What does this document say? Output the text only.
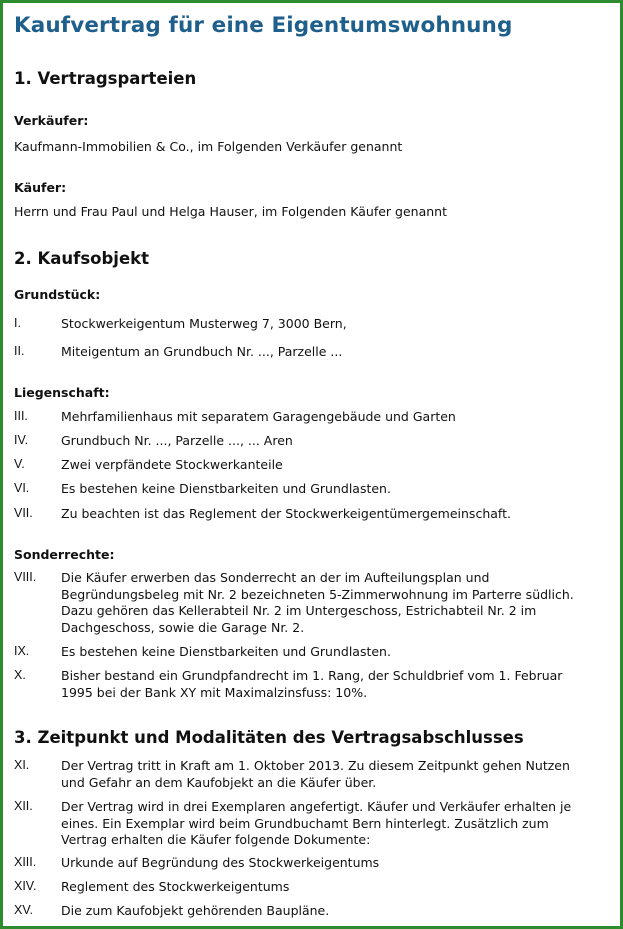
Kaufvertrag für eine Eigentumswohnung
1. Vertragsparteien
Verkäufer:
Kaufmann-Immobilien & Co., im Folgenden Verkäufer genannt
Käufer:
Herrn und Frau Paul und Helga Hauser, im Folgenden Käufer genannt
2. Kaufsobjekt
Grundstück:
I.	Stockwerkeigentum Musterweg 7, 3000 Bern,
II.	Miteigentum an Grundbuch Nr. ..., Parzelle ...
Liegenschaft:
III.	Mehrfamilienhaus mit separatem Garagengebäude und Garten
IV.	Grundbuch Nr. ..., Parzelle ..., ... Aren
V.	Zwei verpfändete Stockwerkanteile
VI.	Es bestehen keine Dienstbarkeiten und Grundlasten.
VII. Zu beachten ist das Reglement der Stockwerkeigentümergemeinschaft.
Sonderrechte:
VIII. Die Käufer erwerben das Sonderrecht an der im Aufteilungsplan und
Begründungsbeleg mit Nr. 2 bezeichneten 5-Zimmerwohnung im Parterre südlich.
Dazu gehören das Kellerabteil Nr. 2 im Untergeschoss, Estrichabteil Nr. 2 im
Dachgeschoss, sowie die Garage Nr. 2.
IX.	Es bestehen keine Dienstbarkeiten und Grundlasten.
X.	Bisher bestand ein Grundpfandrecht im 1. Rang, der Schuldbrief vom 1. Februar
1995 bei der Bank XY mit Maximalzinsfuss: 10%.
3. Zeitpunkt und Modalitäten des Vertragsabschlusses
XI.	Der Vertrag tritt in Kraft am 1. Oktober 2013. Zu diesem Zeitpunkt gehen Nutzen
und Gefahr an dem Kaufobjekt an die Käufer über.
XII. Der Vertrag wird in drei Exemplaren angefertigt. Käufer und Verkäufer erhalten je
eines. Ein Exemplar wird beim Grundbuchamt Bern hinterlegt. Zusätzlich zum
Vertrag erhalten die Käufer folgende Dokumente:
XIII. Urkunde auf Begründung des Stockwerkeigentums
XIV. Reglement des Stockwerkeigentums
XV. Die zum Kaufobjekt gehörenden Baupläne.
